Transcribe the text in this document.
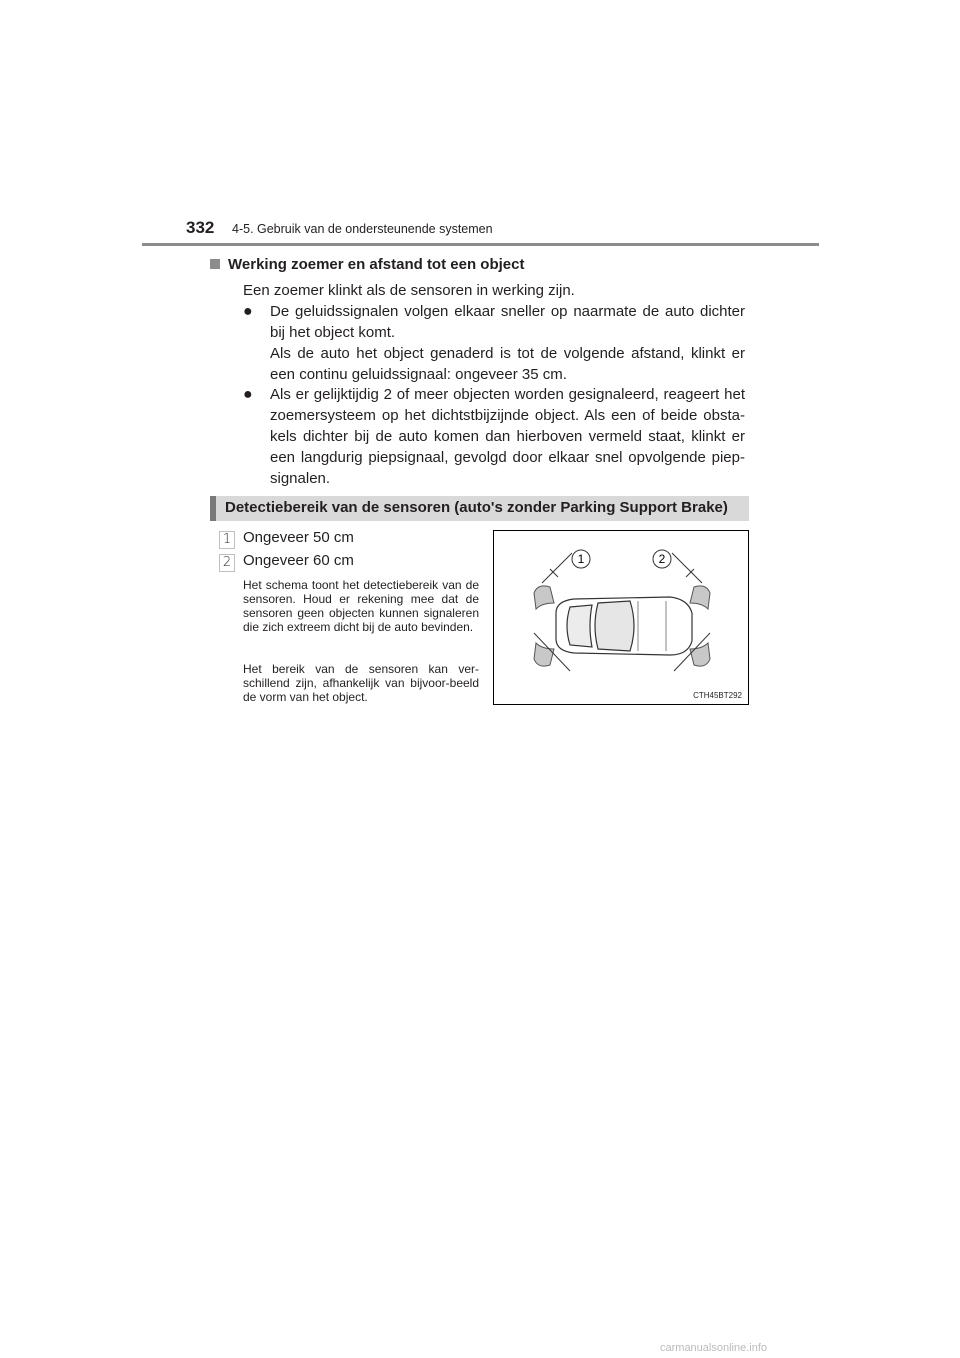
332 4-5. Gebruik van de ondersteunende systemen
Werking zoemer en afstand tot een object
Een zoemer klinkt als de sensoren in werking zijn.
● De geluidssignalen volgen elkaar sneller op naarmate de auto dichter bij het object komt.
Als de auto het object genaderd is tot de volgende afstand, klinkt er een continu geluidssignaal: ongeveer 35 cm.
● Als er gelijktijdig 2 of meer objecten worden gesignaleerd, reageert het zoemersysteem op het dichtstbijzijnde object. Als een of beide obsta-kels dichter bij de auto komen dan hierboven vermeld staat, klinkt er een langdurig piepsignaal, gevolgd door elkaar snel opvolgende piep-signalen.
Detectiebereik van de sensoren (auto's zonder Parking Support Brake)
1 Ongeveer 50 cm
2 Ongeveer 60 cm
Het schema toont het detectiebereik van de sensoren. Houd er rekening mee dat de sensoren geen objecten kunnen signaleren die zich extreem dicht bij de auto bevinden.
Het bereik van de sensoren kan ver-schillend zijn, afhankelijk van bijvoor-beeld de vorm van het object.
1	2
CTH45BT292
carmanualsonline.info
